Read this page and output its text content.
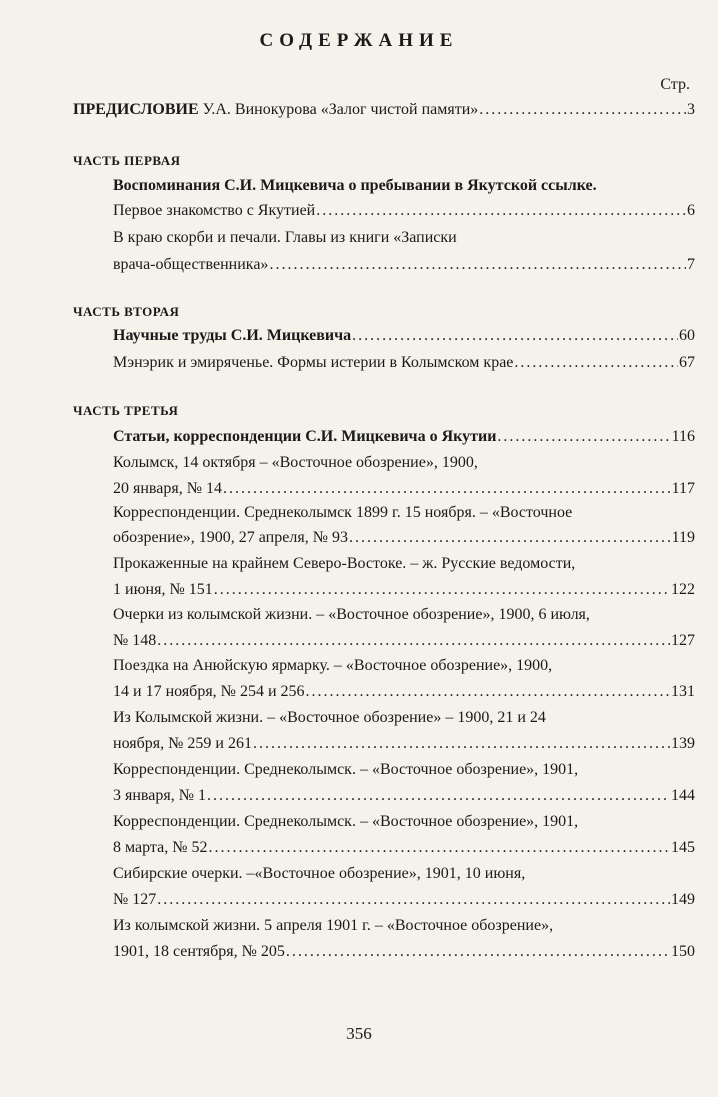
СОДЕРЖАНИЕ
Стр.
ПРЕДИСЛОВИЕ У.А. Винокурова «Залог чистой памяти» .....	3
ЧАСТЬ ПЕРВАЯ
Воспоминания С.И. Мицкевича о пребывании в Якутской ссылке.
Первое знакомство с Якутией .....	6
В краю скорби и печали. Главы из книги «Записки
врача-общественника» .....	7
ЧАСТЬ ВТОРАЯ
Научные труды С.И. Мицкевича .....	60
Мэнэрик и эмиряченье. Формы истерии в Колымском крае .....	67
ЧАСТЬ ТРЕТЬЯ
Статьи, корреспонденции С.И. Мицкевича о Якутии .....	116
Колымск, 14 октября – «Восточное обозрение», 1900,
20 января, № 14 .....	117
Корреспонденции. Среднеколымск 1899 г. 15 ноября. – «Восточное
обозрение», 1900, 27 апреля, № 93 .....	119
Прокаженные на крайнем Северо-Востоке. – ж. Русские ведомости,
1 июня, № 151 .....	122
Очерки из колымской жизни. – «Восточное обозрение», 1900, 6 июля,
№ 148 .....	127
Поездка на Анюйскую ярмарку. – «Восточное обозрение», 1900,
14 и 17 ноября, № 254 и 256 .....	131
Из Колымской жизни. – «Восточное обозрение» – 1900, 21 и 24
ноября, № 259 и 261 .....	139
Корреспонденции. Среднеколымск. – «Восточное обозрение», 1901,
3 января, № 1 .....	144
Корреспонденции. Среднеколымск. – «Восточное обозрение», 1901,
8 марта, № 52 .....	145
Сибирские очерки. –«Восточное обозрение», 1901, 10 июня,
№ 127 .....	149
Из колымской жизни. 5 апреля 1901 г. – «Восточное обозрение»,
1901, 18 сентября, № 205 .....	150
356
